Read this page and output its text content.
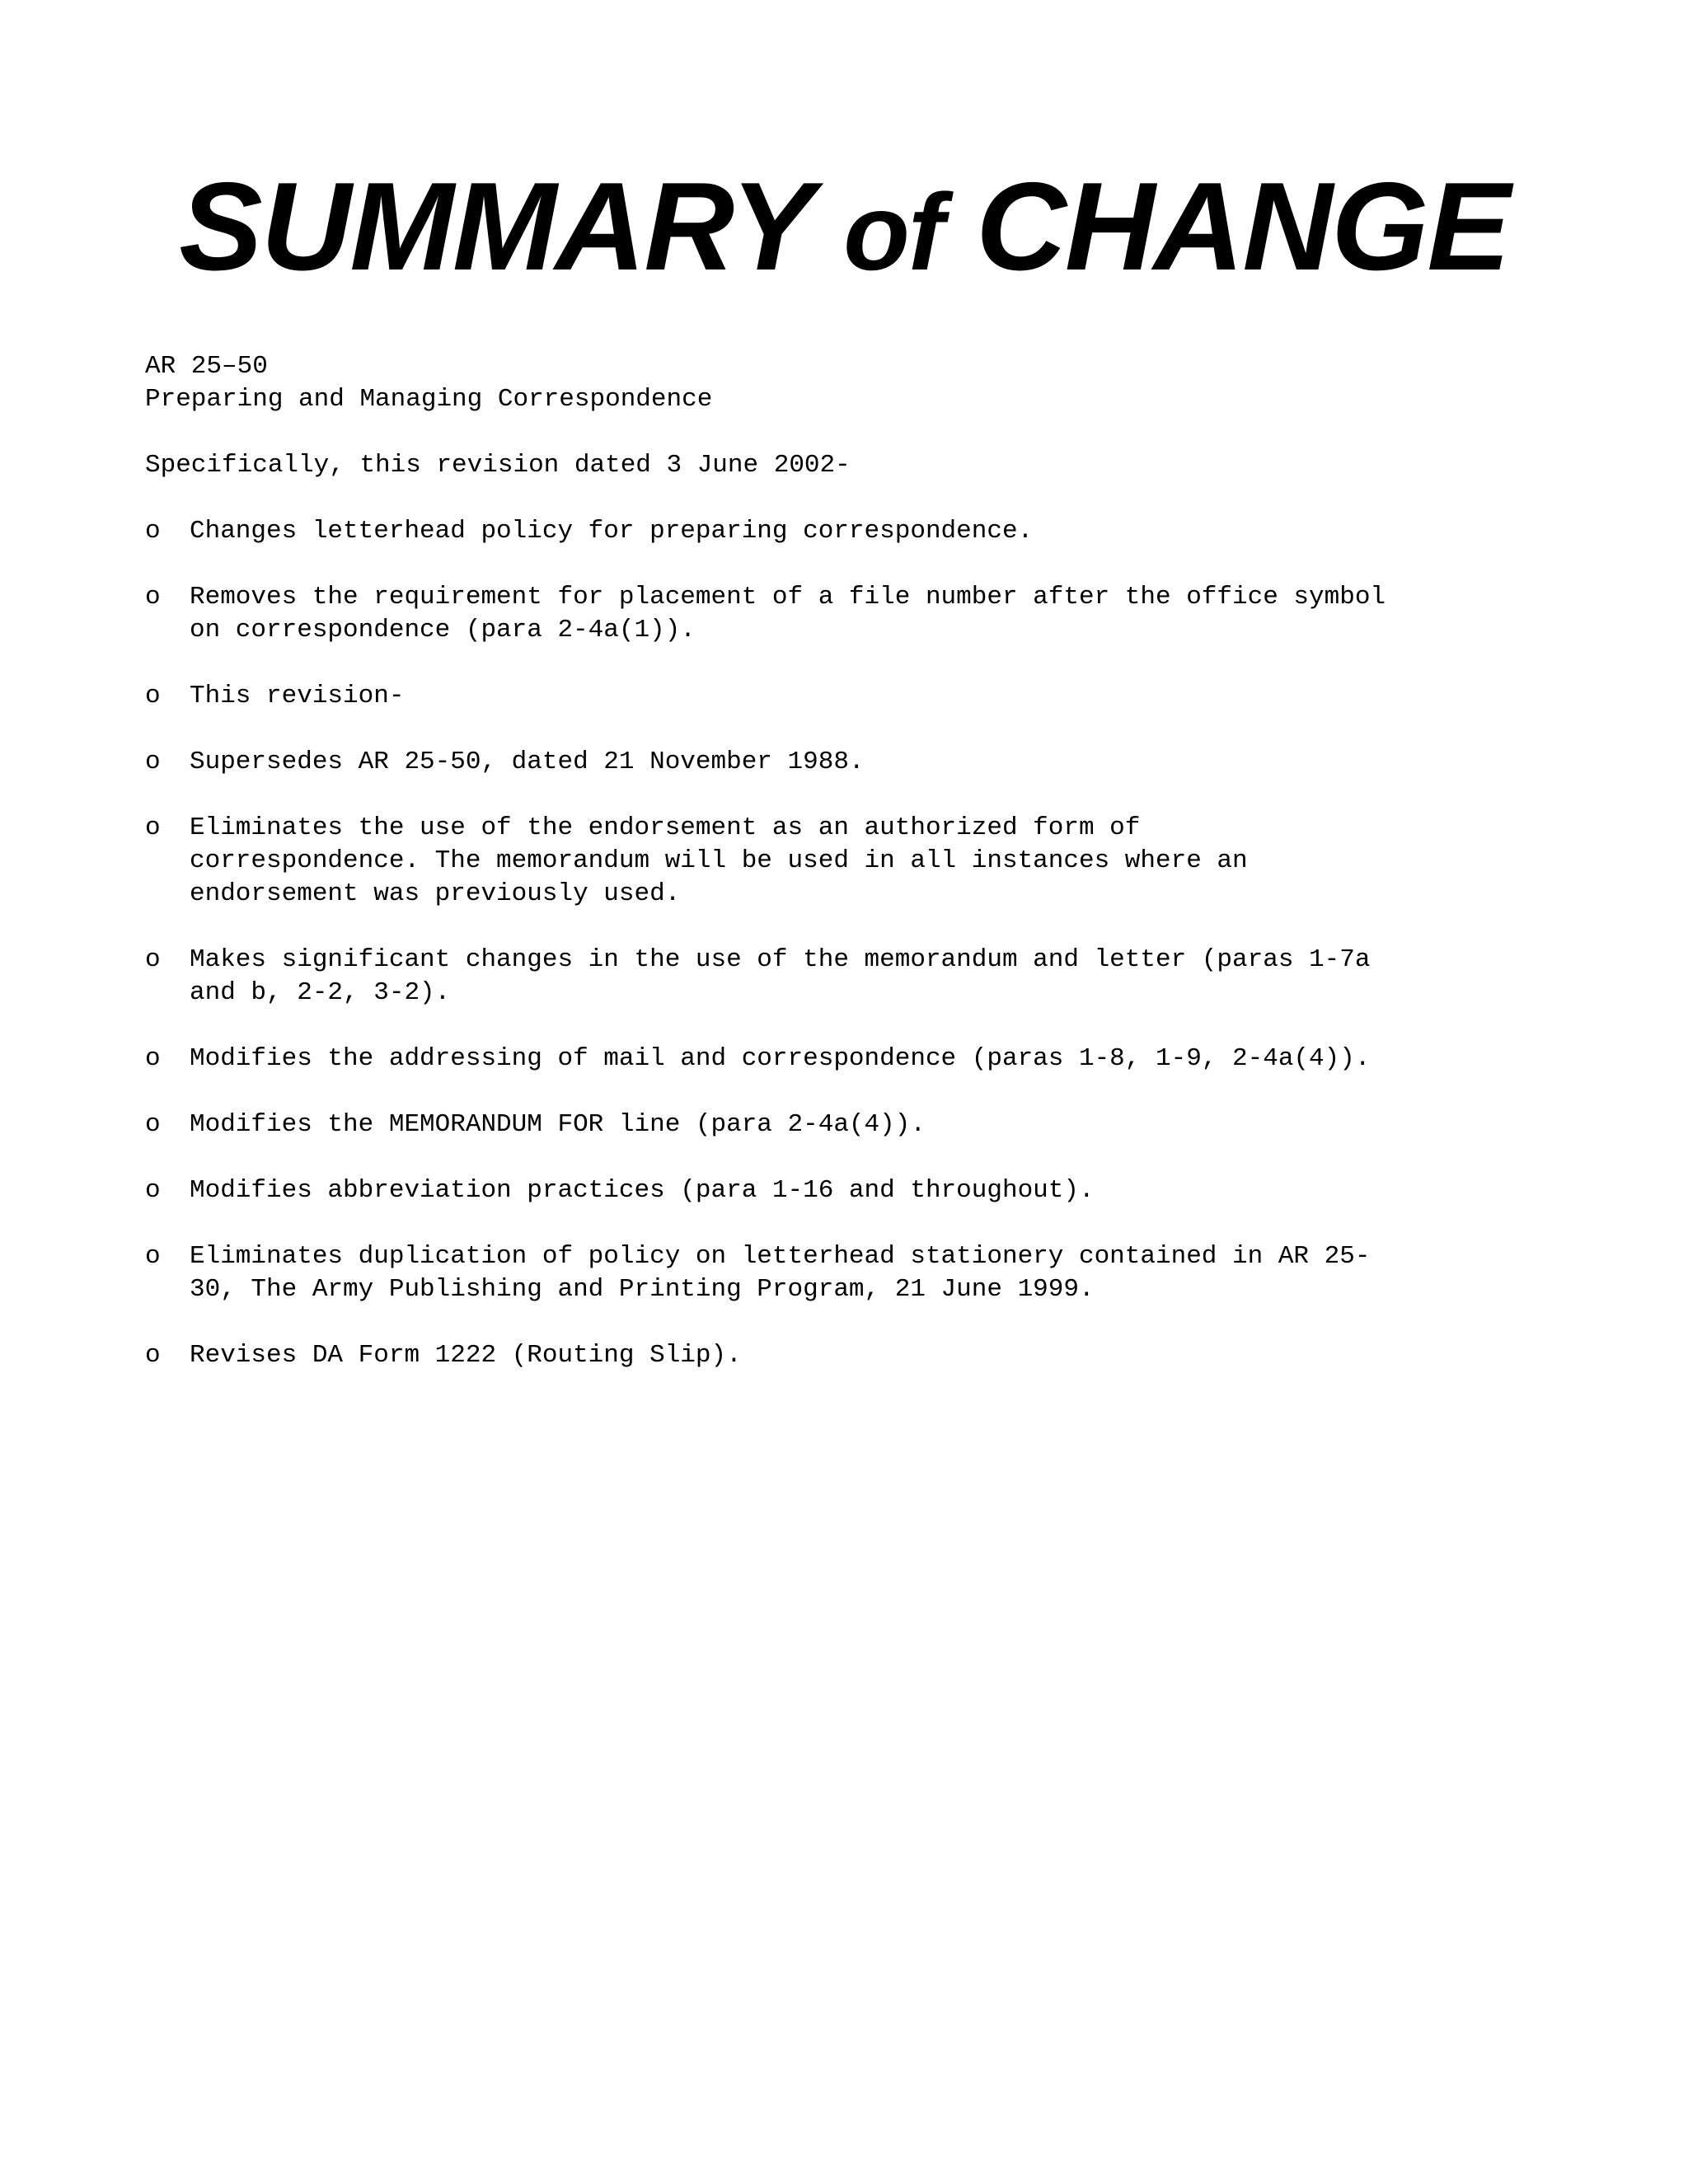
SUMMARY of CHANGE
AR 25–50
Preparing and Managing Correspondence
Specifically, this revision dated 3 June 2002-
o	Changes letterhead policy for preparing correspondence.
o	Removes the requirement for placement of a file number after the office symbol
on correspondence (para 2-4a(1)).
o	This revision-
o	Supersedes AR 25-50, dated 21 November 1988.
o	Eliminates the use of the endorsement as an authorized form of
correspondence. The memorandum will be used in all instances where an
endorsement was previously used.
o	Makes significant changes in the use of the memorandum and letter (paras 1-7a
and b, 2-2, 3-2).
o	Modifies the addressing of mail and correspondence (paras 1-8, 1-9, 2-4a(4)).
o	Modifies the MEMORANDUM FOR line (para 2-4a(4)).
o	Modifies abbreviation practices (para 1-16 and throughout).
o	Eliminates duplication of policy on letterhead stationery contained in AR 25-
30, The Army Publishing and Printing Program, 21 June 1999.
o	Revises DA Form 1222 (Routing Slip).
